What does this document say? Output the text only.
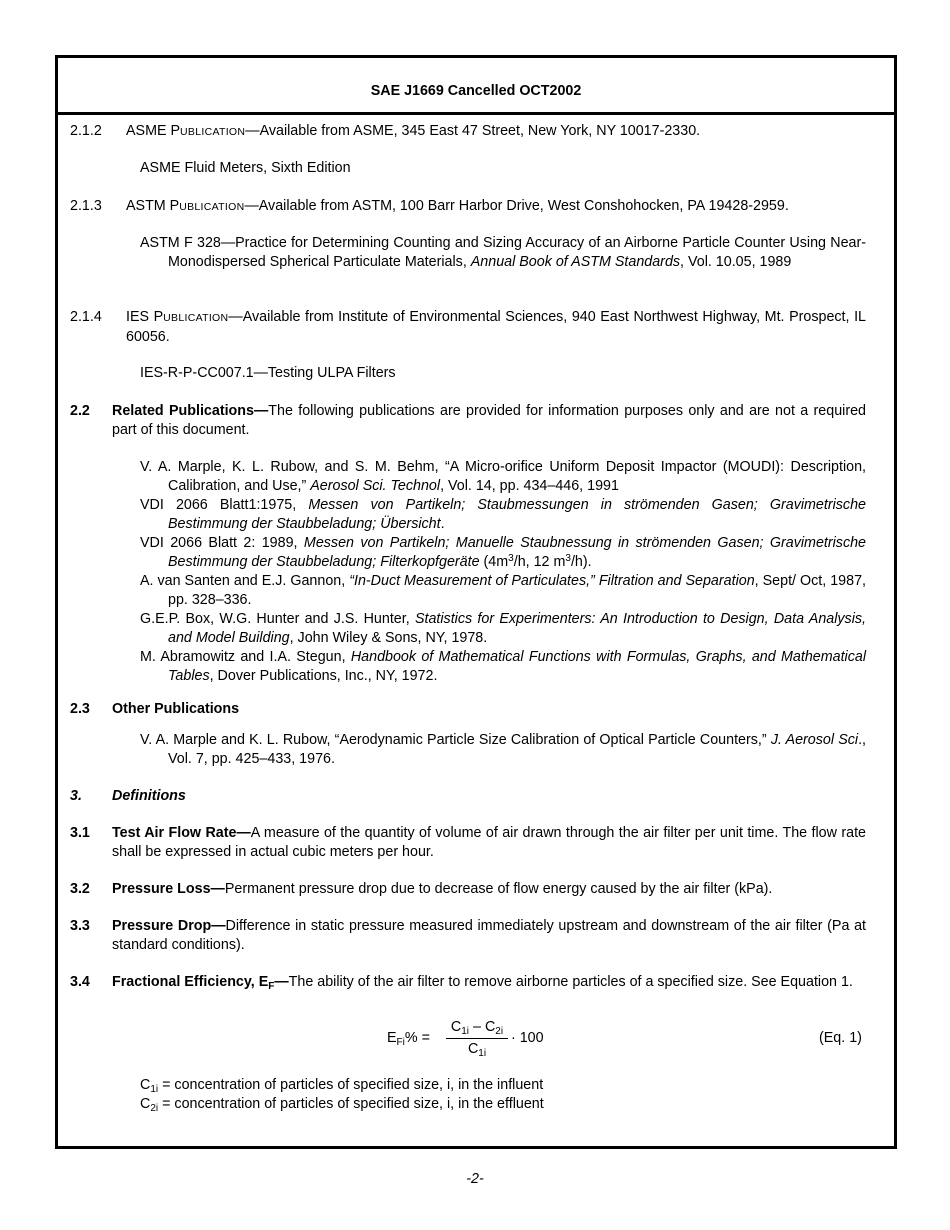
SAE J1669 Cancelled OCT2002
2.1.2 ASME PUBLICATION—Available from ASME, 345 East 47 Street, New York, NY 10017-2330.
ASME Fluid Meters, Sixth Edition
2.1.3 ASTM PUBLICATION—Available from ASTM, 100 Barr Harbor Drive, West Conshohocken, PA 19428-2959.
ASTM F 328—Practice for Determining Counting and Sizing Accuracy of an Airborne Particle Counter Using Near-Monodispersed Spherical Particulate Materials, Annual Book of ASTM Standards, Vol. 10.05, 1989
2.1.4 IES PUBLICATION—Available from Institute of Environmental Sciences, 940 East Northwest Highway, Mt. Prospect, IL 60056.
IES-R-P-CC007.1—Testing ULPA Filters
2.2 Related Publications—The following publications are provided for information purposes only and are not a required part of this document.
V. A. Marple, K. L. Rubow, and S. M. Behm, “A Micro-orifice Uniform Deposit Impactor (MOUDI): Description, Calibration, and Use,” Aerosol Sci. Technol, Vol. 14, pp. 434–446, 1991
VDI 2066 Blatt1:1975, Messen von Partikeln; Staubmessungen in strömenden Gasen; Gravimetrische Bestimmung der Staubbeladung; Übersicht.
VDI 2066 Blatt 2: 1989, Messen von Partikeln; Manuelle Staubnessung in strömenden Gasen; Gravimetrische Bestimmung der Staubbeladung; Filterkopfgeräte ($4m^3/h$, 12 $m^3/h$).
A. van Santen and E.J. Gannon, “In-Duct Measurement of Particulates,” Filtration and Separation, Sept/ Oct, 1987, pp. 328–336.
G.E.P. Box, W.G. Hunter and J.S. Hunter, Statistics for Experimenters: An Introduction to Design, Data Analysis, and Model Building, John Wiley & Sons, NY, 1978.
M. Abramowitz and I.A. Stegun, Handbook of Mathematical Functions with Formulas, Graphs, and Mathematical Tables, Dover Publications, Inc., NY, 1972.
2.3 Other Publications
V. A. Marple and K. L. Rubow, “Aerodynamic Particle Size Calibration of Optical Particle Counters,” J. Aerosol Sci., Vol. 7, pp. 425–433, 1976.
3. Definitions
3.1 Test Air Flow Rate—A measure of the quantity of volume of air drawn through the air filter per unit time. The flow rate shall be expressed in actual cubic meters per hour.
3.2 Pressure Loss—Permanent pressure drop due to decrease of flow energy caused by the air filter (kPa).
3.3 Pressure Drop—Difference in static pressure measured immediately upstream and downstream of the air filter (Pa at standard conditions).
3.4 Fractional Efficiency, $E_F—The$ ability of the air filter to remove airborne particles of a specified size. See Equation 1.
$E_{Fi}\%$ =
$C_{1i} - C_{2i}$
$C_{1i}$
· 100	(Eq. 1)
$C_{1i}$ = concentration of particles of specified size, i, in the influent
$C_{2i}$ = concentration of particles of specified size, i, in the effluent
-2-
